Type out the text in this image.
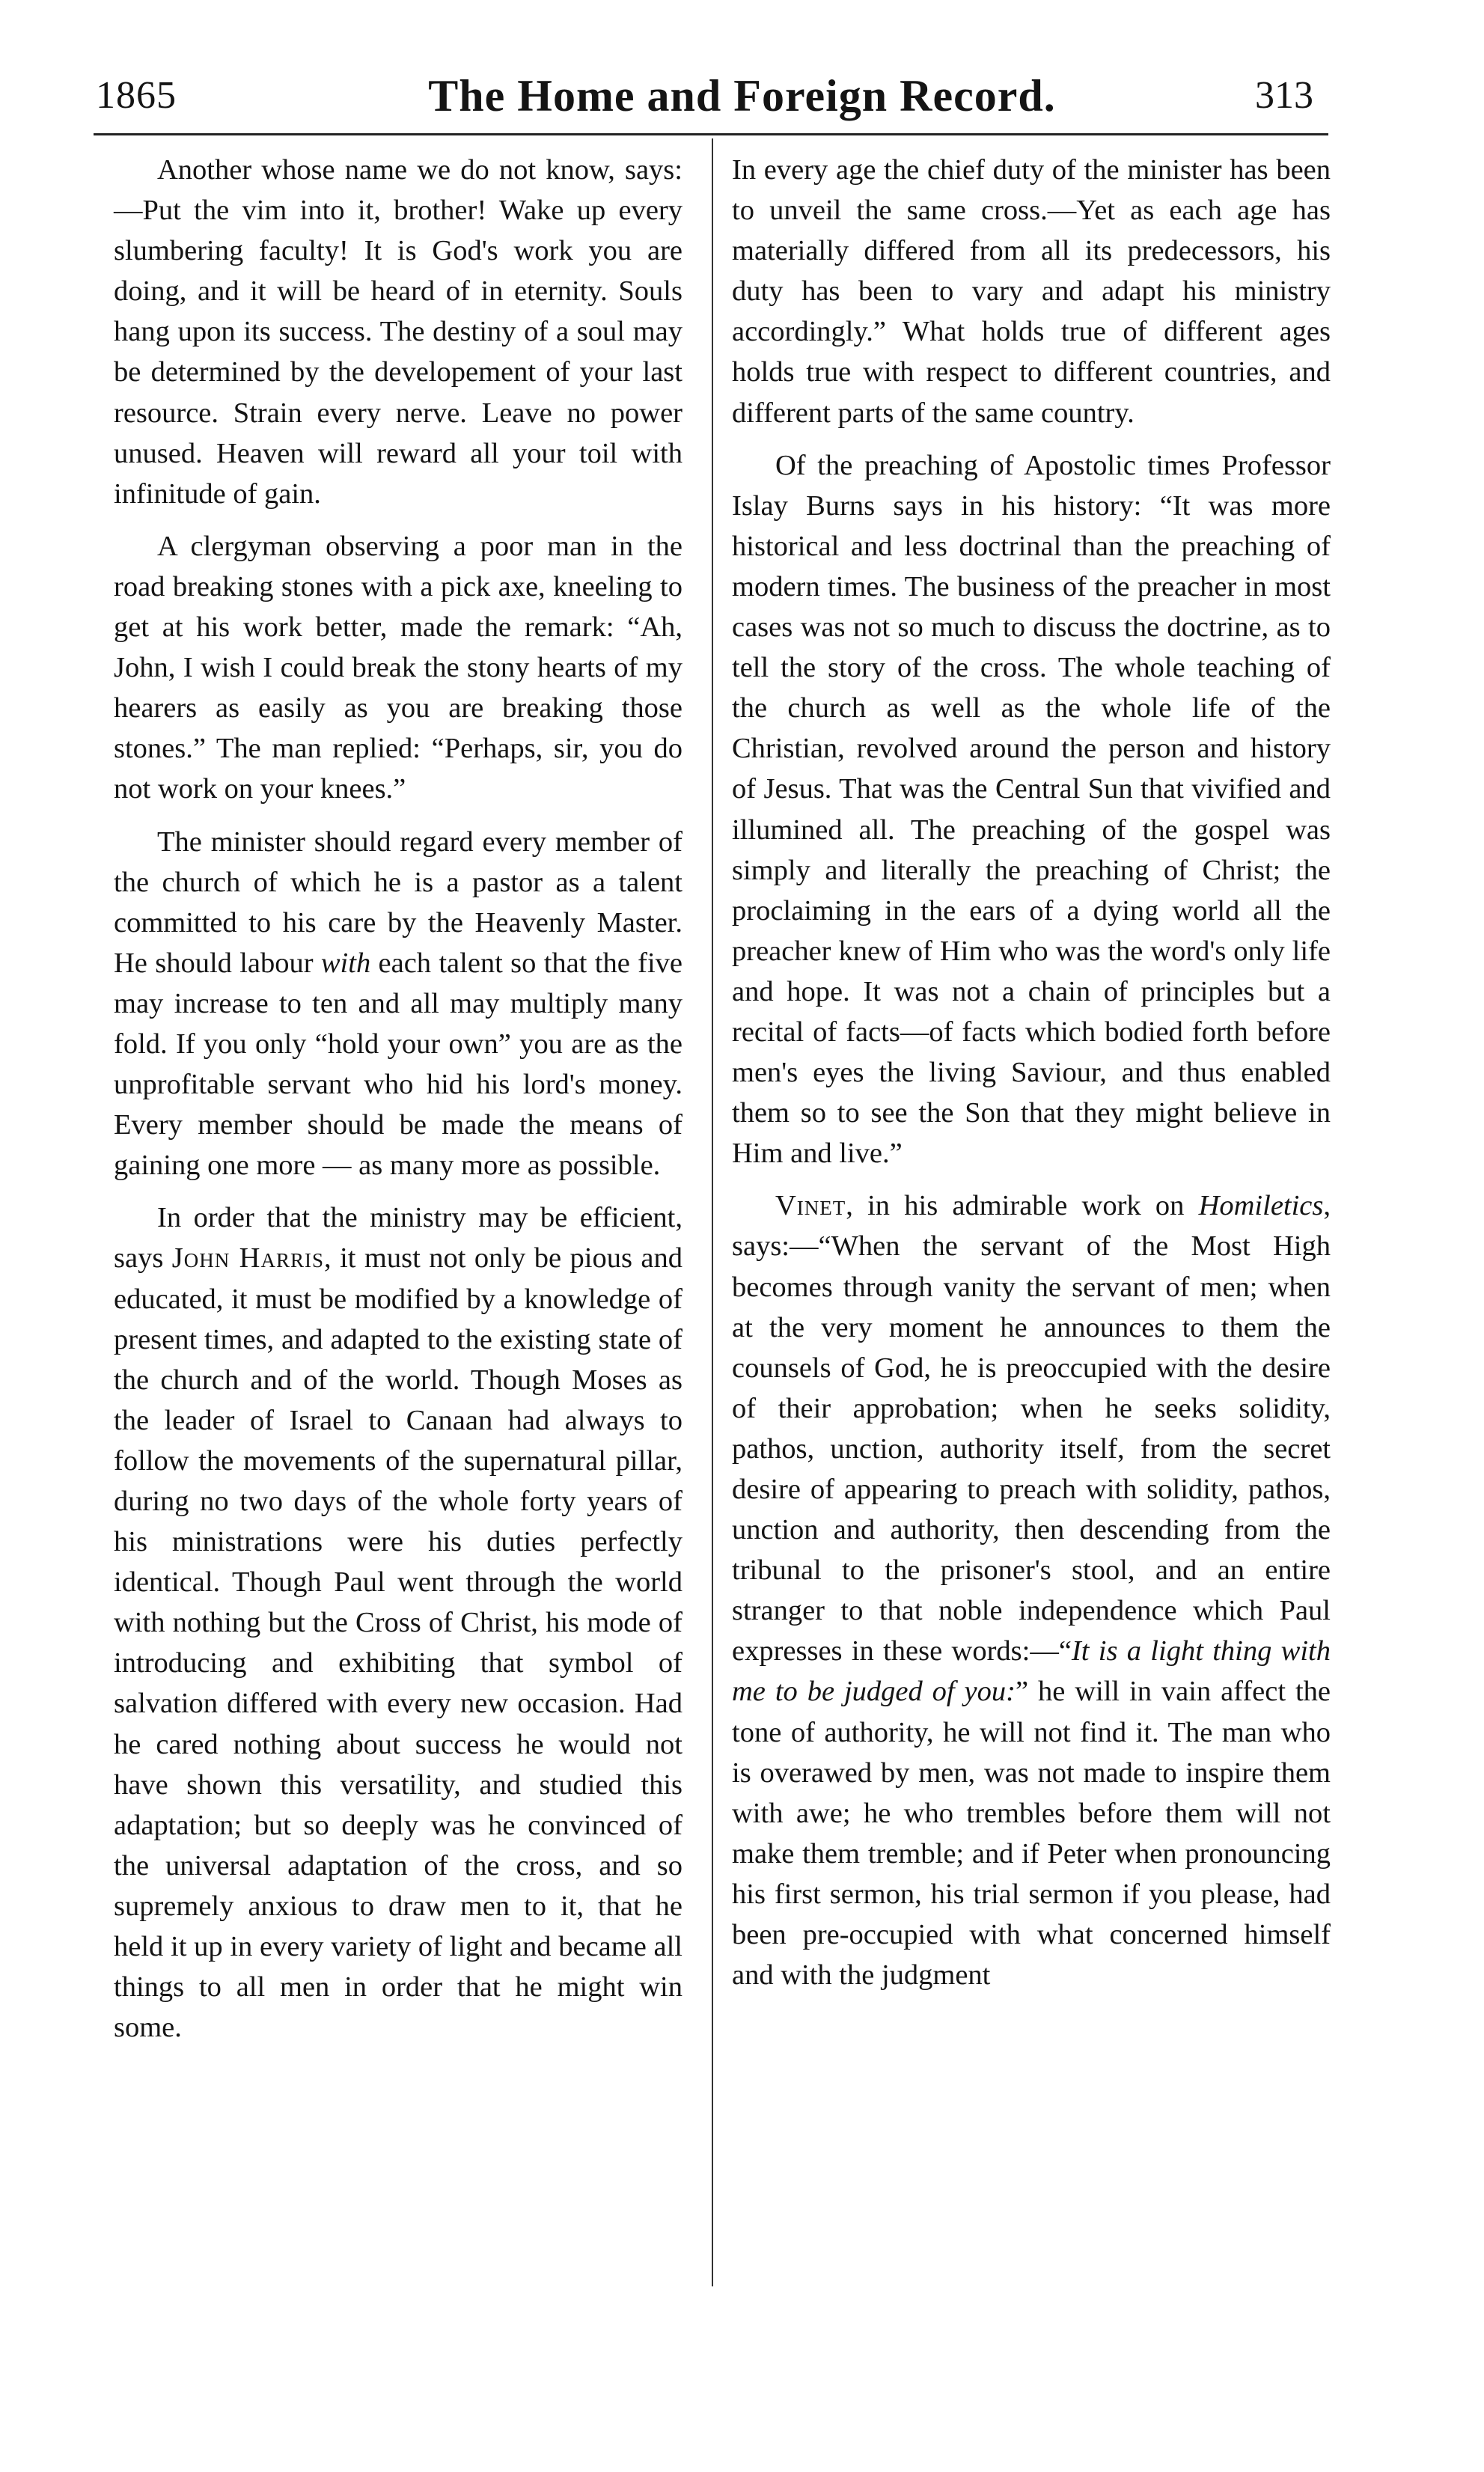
1865	The Home and Foreign Record.	313

Another whose name we do not know, says:—Put the vim into it, brother! Wake up every slumbering faculty! It is God's work you are doing, and it will be heard of in eternity. Souls hang upon its success. The destiny of a soul may be determined by the developement of your last resource. Strain every nerve. Leave no power unused. Heaven will reward all your toil with infinitude of gain.

A clergyman observing a poor man in the road breaking stones with a pick axe, kneeling to get at his work better, made the remark: “Ah, John, I wish I could break the stony hearts of my hearers as easily as you are breaking those stones.” The man replied: “Perhaps, sir, you do not work on your knees.”

The minister should regard every member of the church of which he is a pastor as a talent committed to his care by the Heavenly Master. He should labour with each talent so that the five may increase to ten and all may multiply many fold. If you only “hold your own” you are as the unprofitable servant who hid his lord's money. Every member should be made the means of gaining one more — as many more as possible.

In order that the ministry may be efficient, says John Harris, it must not only be pious and educated, it must be modified by a knowledge of present times, and adapted to the existing state of the church and of the world. Though Moses as the leader of Israel to Canaan had always to follow the movements of the supernatural pillar, during no two days of the whole forty years of his ministrations were his duties perfectly identical. Though Paul went through the world with nothing but the Cross of Christ, his mode of introducing and exhibiting that symbol of salvation differed with every new occasion. Had he cared nothing about success he would not have shown this versatility, and studied this adaptation; but so deeply was he convinced of the universal adaptation of the cross, and so supremely anxious to draw men to it, that he held it up in every variety of light and became all things to all men in order that he might win some.

In every age the chief duty of the minister has been to unveil the same cross.—Yet as each age has materially differed from all its predecessors, his duty has been to vary and adapt his ministry accordingly.” What holds true of different ages holds true with respect to different countries, and different parts of the same country.

Of the preaching of Apostolic times Professor Islay Burns says in his history: “It was more historical and less doctrinal than the preaching of modern times. The business of the preacher in most cases was not so much to discuss the doctrine, as to tell the story of the cross. The whole teaching of the church as well as the whole life of the Christian, revolved around the person and history of Jesus. That was the Central Sun that vivified and illumined all. The preaching of the gospel was simply and literally the preaching of Christ; the proclaiming in the ears of a dying world all the preacher knew of Him who was the word's only life and hope. It was not a chain of principles but a recital of facts—of facts which bodied forth before men's eyes the living Saviour, and thus enabled them so to see the Son that they might believe in Him and live.”

Vinet, in his admirable work on Homiletics, says:—“When the servant of the Most High becomes through vanity the servant of men; when at the very moment he announces to them the counsels of God, he is preoccupied with the desire of their approbation; when he seeks solidity, pathos, unction, authority itself, from the secret desire of appearing to preach with solidity, pathos, unction and authority, then descending from the tribunal to the prisoner's stool, and an entire stranger to that noble independence which Paul expresses in these words:—“It is a light thing with me to be judged of you:” he will in vain affect the tone of authority, he will not find it. The man who is overawed by men, was not made to inspire them with awe; he who trembles before them will not make them tremble; and if Peter when pronouncing his first sermon, his trial sermon if you please, had been pre-occupied with what concerned himself and with the judgment
